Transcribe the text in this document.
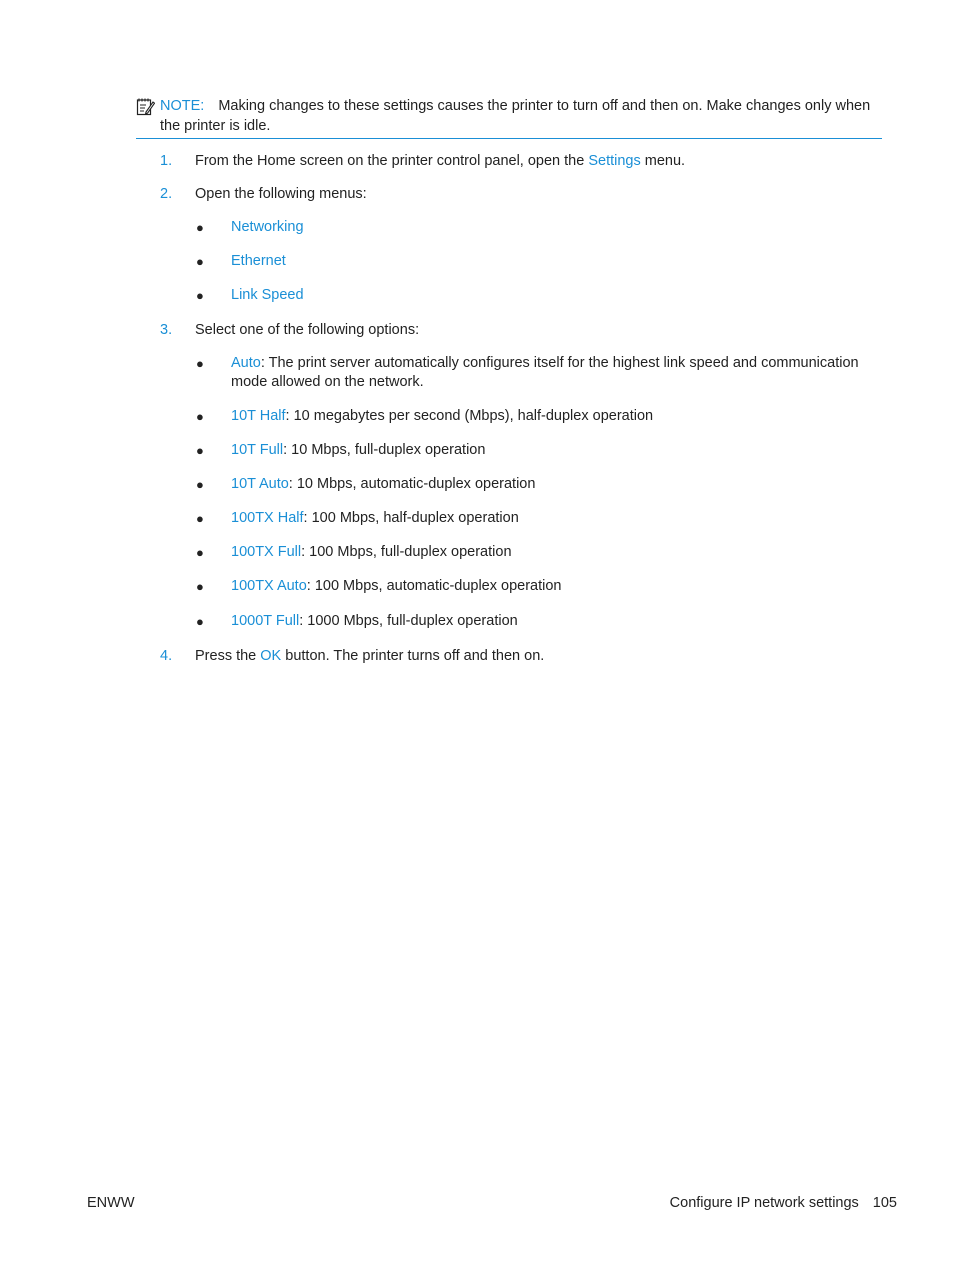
NOTE: Making changes to these settings causes the printer to turn off and then on. Make changes only when the printer is idle.
1. From the Home screen on the printer control panel, open the Settings menu.
2. Open the following menus:
● Networking
● Ethernet
● Link Speed
3. Select one of the following options:
● Auto: The print server automatically configures itself for the highest link speed and communication mode allowed on the network.
● 10T Half: 10 megabytes per second (Mbps), half-duplex operation
● 10T Full: 10 Mbps, full-duplex operation
● 10T Auto: 10 Mbps, automatic-duplex operation
● 100TX Half: 100 Mbps, half-duplex operation
● 100TX Full: 100 Mbps, full-duplex operation
● 100TX Auto: 100 Mbps, automatic-duplex operation
● 1000T Full: 1000 Mbps, full-duplex operation
4. Press the OK button. The printer turns off and then on.
ENWW	Configure IP network settings 105
